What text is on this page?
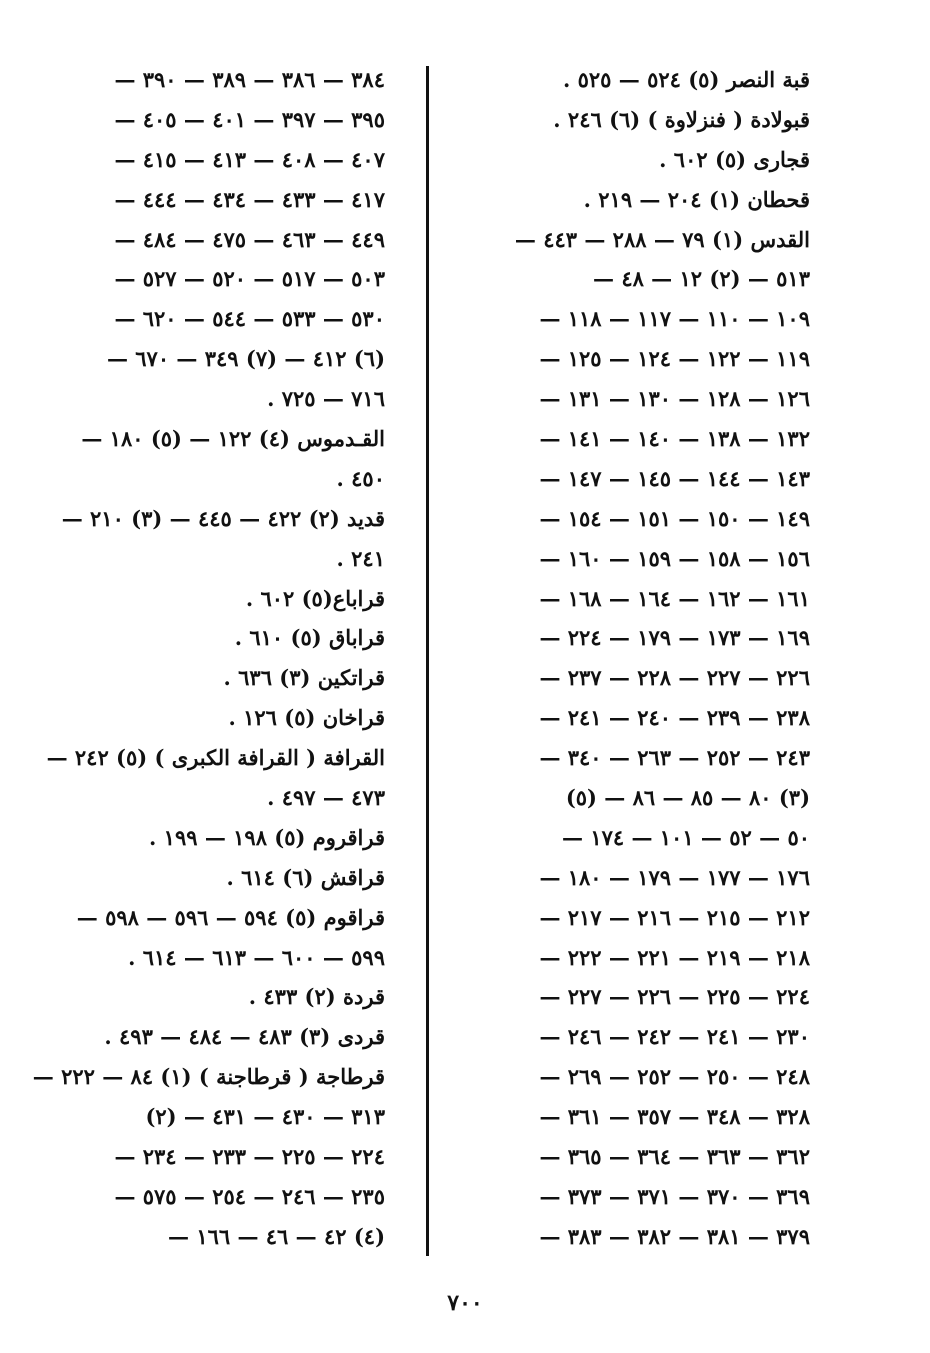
قبة النصر (٥) ٥٢٤ — ٥٢٥ .
قبولادة ( فنزلاوة ) (٦) ٢٤٦ .
قجارى (٥) ٦٠٢ .
قحطان (١) ٢٠٤ — ٢١٩ .
القدس (١) ٧٩ — ٢٨٨ — ٤٤٣ —
٥١٣ — (٢) ١٢ — ٤٨ —
١٠٩ — ١١٠ — ١١٧ — ١١٨ —
١١٩ — ١٢٢ — ١٢٤ — ١٢٥ —
١٢٦ — ١٢٨ — ١٣٠ — ١٣١ —
١٣٢ — ١٣٨ — ١٤٠ — ١٤١ —
١٤٣ — ١٤٤ — ١٤٥ — ١٤٧ —
١٤٩ — ١٥٠ — ١٥١ — ١٥٤ —
١٥٦ — ١٥٨ — ١٥٩ — ١٦٠ —
١٦١ — ١٦٢ — ١٦٤ — ١٦٨ —
١٦٩ — ١٧٣ — ١٧٩ — ٢٢٤ —
٢٢٦ — ٢٢٧ — ٢٢٨ — ٢٣٧ —
٢٣٨ — ٢٣٩ — ٢٤٠ — ٢٤١ —
٢٤٣ — ٢٥٢ — ٢٦٣ — ٣٤٠ —
(٣) ٨٠ — ٨٥ — ٨٦ — (٥)
٥٠ — ٥٢ — ١٠١ — ١٧٤ —
١٧٦ — ١٧٧ — ١٧٩ — ١٨٠ —
٢١٢ — ٢١٥ — ٢١٦ — ٢١٧ —
٢١٨ — ٢١٩ — ٢٢١ — ٢٢٢ —
٢٢٤ — ٢٢٥ — ٢٢٦ — ٢٢٧ —
٢٣٠ — ٢٤١ — ٢٤٢ — ٢٤٦ —
٢٤٨ — ٢٥٠ — ٢٥٢ — ٢٦٩ —
٣٢٨ — ٣٤٨ — ٣٥٧ — ٣٦١ —
٣٦٢ — ٣٦٣ — ٣٦٤ — ٣٦٥ —
٣٦٩ — ٣٧٠ — ٣٧١ — ٣٧٣ —
٣٧٩ — ٣٨١ — ٣٨٢ — ٣٨٣ —
٣٨٤ — ٣٨٦ — ٣٨٩ — ٣٩٠ —
٣٩٥ — ٣٩٧ — ٤٠١ — ٤٠٥ —
٤٠٧ — ٤٠٨ — ٤١٣ — ٤١٥ —
٤١٧ — ٤٣٣ — ٤٣٤ — ٤٤٤ —
٤٤٩ — ٤٦٣ — ٤٧٥ — ٤٨٤ —
٥٠٣ — ٥١٧ — ٥٢٠ — ٥٢٧ —
٥٣٠ — ٥٣٣ — ٥٤٤ — ٦٢٠ —
(٦) ٤١٢ — (٧) ٣٤٩ — ٦٧٠ —
٧١٦ — ٧٢٥ .
القـدموس (٤) ١٢٢ — (٥) ١٨٠ —
٤٥٠ .
قديد (٢) ٤٢٢ — ٤٤٥ — (٣) ٢١٠ —
٢٤١ .
قراباع(٥) ٦٠٢ .
قراباق (٥) ٦١٠ .
قراتكين (٣) ٦٣٦ .
قراخان (٥) ١٢٦ .
القرافة ( القرافة الكبرى ) (٥) ٢٤٢ —
٤٧٣ — ٤٩٧ .
قراقروم (٥) ١٩٨ — ١٩٩ .
قراقش (٦) ٦١٤ .
قراقوم (٥) ٥٩٤ — ٥٩٦ — ٥٩٨ —
٥٩٩ — ٦٠٠ — ٦١٣ — ٦١٤ .
قردة (٢) ٤٣٣ .
قردى (٣) ٤٨٣ — ٤٨٤ — ٤٩٣ .
قرطاجة ( قرطاجنة ) (١) ٨٤ — ٢٢٢ —
٣١٣ — ٤٣٠ — ٤٣١ — (٢)
٢٢٤ — ٢٢٥ — ٢٣٣ — ٢٣٤ —
٢٣٥ — ٢٤٦ — ٢٥٤ — ٥٧٥ —
(٤) ٤٢ — ٤٦ — ١٦٦ —
٧٠٠
